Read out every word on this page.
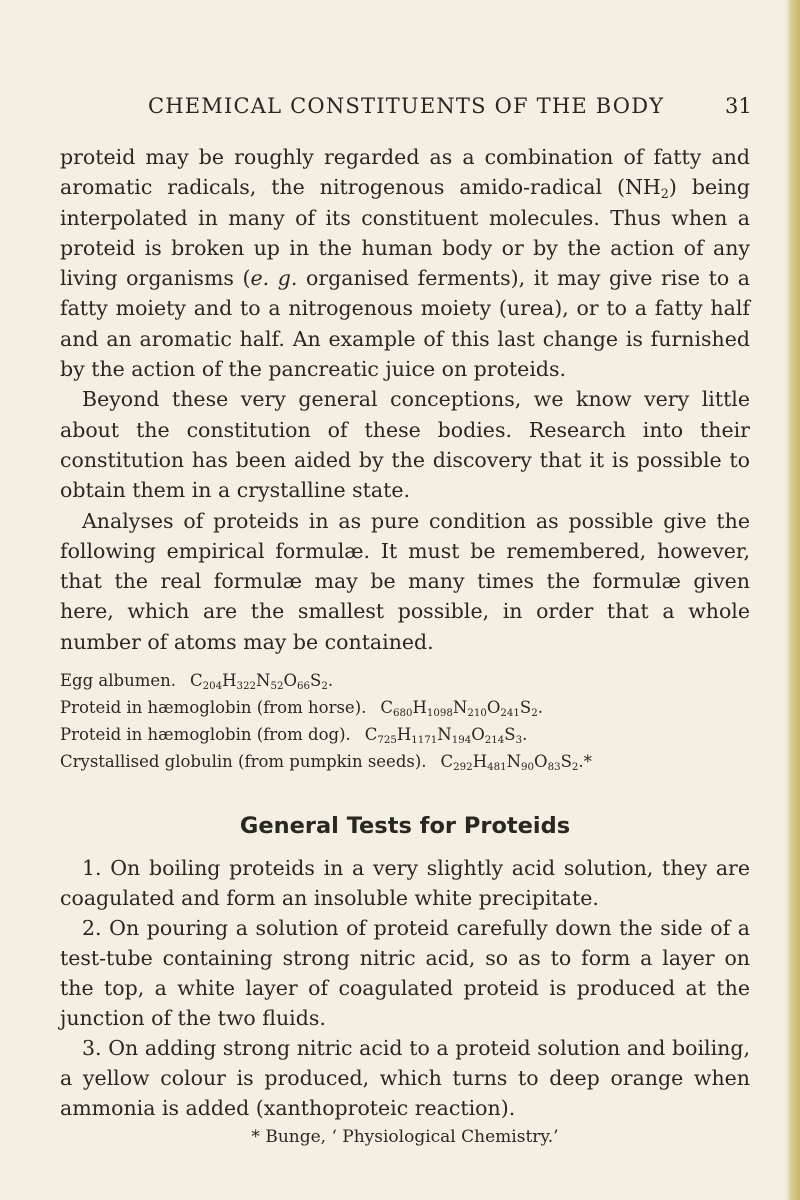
CHEMICAL CONSTITUENTS OF THE BODY	31

proteid may be roughly regarded as a combination of fatty and aromatic radicals, the nitrogenous amido-radical $(NH_2)$ being interpolated in many of its constituent molecules. Thus when a proteid is broken up in the human body or by the action of any living organisms (e. g. organised ferments), it may give rise to a fatty moiety and to a nitrogenous moiety (urea), or to a fatty half and an aromatic half. An example of this last change is furnished by the action of the pancreatic juice on proteids.

Beyond these very general conceptions, we know very little about the constitution of these bodies. Research into their constitution has been aided by the discovery that it is possible to obtain them in a crystalline state.

Analyses of proteids in as pure condition as possible give the following empirical formulæ. It must be remembered, however, that the real formulæ may be many times the formulæ given here, which are the smallest possible, in order that a whole number of atoms may be contained.

Egg albumen. $C_{204}H_{322}N_{52}O_{66}S_2$.
Proteid in hæmoglobin (from horse). $C_{680}H_{1098}N_{210}O_{241}S_2$.
Proteid in hæmoglobin (from dog). $C_{725}H_{1171}N_{194}O_{214}S_3$.
Crystallised globulin (from pumpkin seeds). $C_{292}H_{481}N_{90}O_{83}S_2.*$
General Tests for Proteids

1. On boiling proteids in a very slightly acid solution, they are coagulated and form an insoluble white precipitate.

2. On pouring a solution of proteid carefully down the side of a test-tube containing strong nitric acid, so as to form a layer on the top, a white layer of coagulated proteid is produced at the junction of the two fluids.

3. On adding strong nitric acid to a proteid solution and boiling, a yellow colour is produced, which turns to deep orange when ammonia is added (xanthoproteic reaction).

* Bunge, ‘ Physiological Chemistry.’
